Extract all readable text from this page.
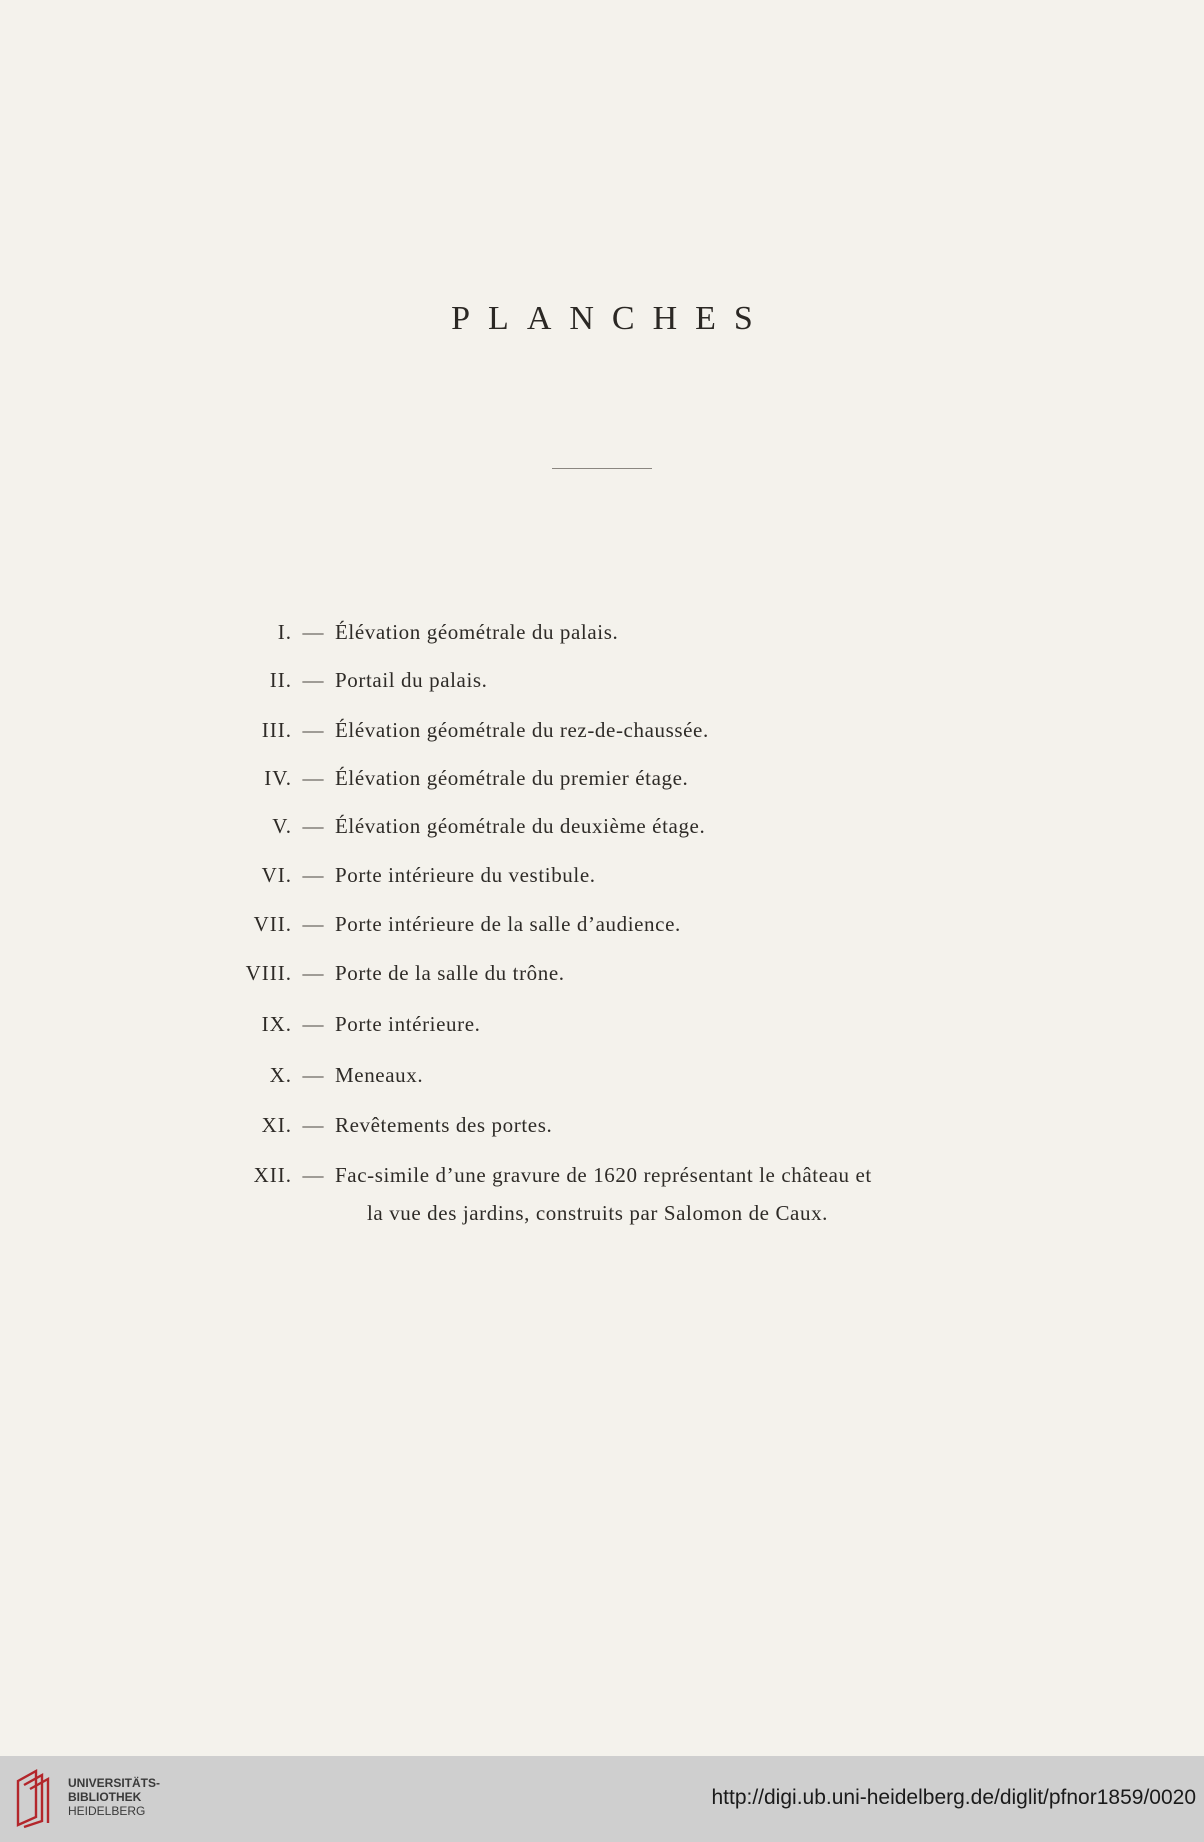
PLANCHES
I. — Élévation géométrale du palais.
II. — Portail du palais.
III. — Élévation géométrale du rez-de-chaussée.
IV. — Élévation géométrale du premier étage.
V. — Élévation géométrale du deuxième étage.
VI. — Porte intérieure du vestibule.
VII. — Porte intérieure de la salle d’audience.
VIII. — Porte de la salle du trône.
IX. — Porte intérieure.
X. — Meneaux.
XI. — Revêtements des portes.
XII. — Fac-simile d’une gravure de 1620 représentant le château et
la vue des jardins, construits par Salomon de Caux.
UNIVERSITÄTS-
BIBLIOTHEK
HEIDELBERG
http://digi.ub.uni-heidelberg.de/diglit/pfnor1859/0020
